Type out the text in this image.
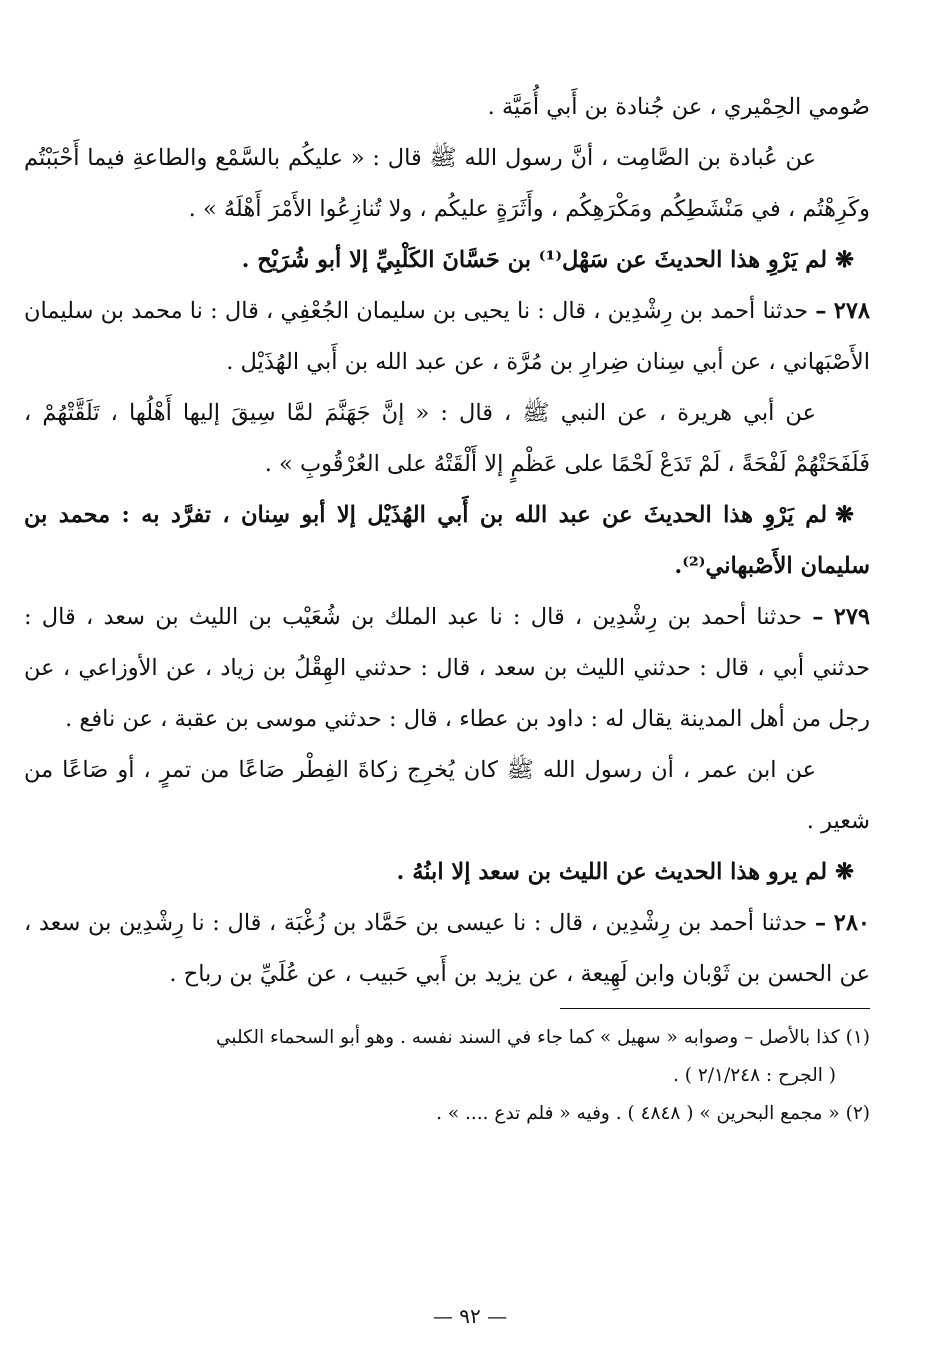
صُومي الحِمْيري ، عن جُنادة بن أَبي أُمَيَّة .

عن عُبادة بن الصَّامِت ، أنَّ رسول الله ﷺ قال : « عليكُم بالسَّمْع والطاعةِ فيما أَحْبَبْتُم وكَرِهْتُم ، في مَنْشَطِكُم ومَكْرَهِكُم ، وأَثَرَةٍ عليكُم ، ولا تُنازِعُوا الأَمْرَ أَهْلَهُ » .

❋لم يَرْوِ هذا الحديثَ عن سَهْل⁽¹⁾ بن حَسَّانَ الكَلْبِيِّ إلا أبو شُرَيْح .

٢٧٨ – حدثنا أحمد بن رِشْدِين ، قال : نا يحيى بن سليمان الجُعْفِي ، قال : نا محمد بن سليمان الأَصْبَهاني ، عن أبي سِنان ضِرارِ بن مُرَّة ، عن عبد الله بن أَبي الهُذَيْل .

عن أبي هريرة ، عن النبي ﷺ ، قال : « إنَّ جَهَنَّمَ لمَّا سِيقَ إليها أَهْلُها ، تَلَقَّتْهُمْ ، فَلَفَحَتْهُمْ لَفْحَةً ، لَمْ تَدَعْ لَحْمًا على عَظْمٍ إلا أَلْقَتْهُ على العُرْقُوبِ » .

❋لم يَرْوِ هذا الحديثَ عن عبد الله بن أَبي الهُذَيْل إلا أبو سِنان ، تفرَّد به : محمد بن سليمان الأَصْبهاني⁽²⁾.

٢٧٩ – حدثنا أحمد بن رِشْدِين ، قال : نا عبد الملك بن شُعَيْب بن الليث بن سعد ، قال : حدثني أبي ، قال : حدثني الليث بن سعد ، قال : حدثني الهِقْلُ بن زياد ، عن الأوزاعي ، عن رجل من أهل المدينة يقال له : داود بن عطاء ، قال : حدثني موسى بن عقبة ، عن نافع .

عن ابن عمر ، أن رسول الله ﷺ كان يُخرِج زكاةَ الفِطْر صَاعًا من تمرٍ ، أو صَاعًا من شعير .

❋لم يرو هذا الحديث عن الليث بن سعد إلا ابنُهُ .

٢٨٠ – حدثنا أحمد بن رِشْدِين ، قال : نا عيسى بن حَمَّاد بن زُغْبَة ، قال : نا رِشْدِين بن سعد ، عن الحسن بن ثَوْبان وابن لَهِيعة ، عن يزيد بن أَبي حَبيب ، عن عُلَيِّ بن رباح .

(١) كذا بالأصل – وصوابه « سهيل » كما جاء في السند نفسه . وهو أبو السحماء الكلبي

( الجرح : ٢/١/٢٤٨ ) .

(٢) « مجمع البحرين » ( ٤٨٤٨ ) . وفيه « فلم تدع .... » .

— ٩٢ —
